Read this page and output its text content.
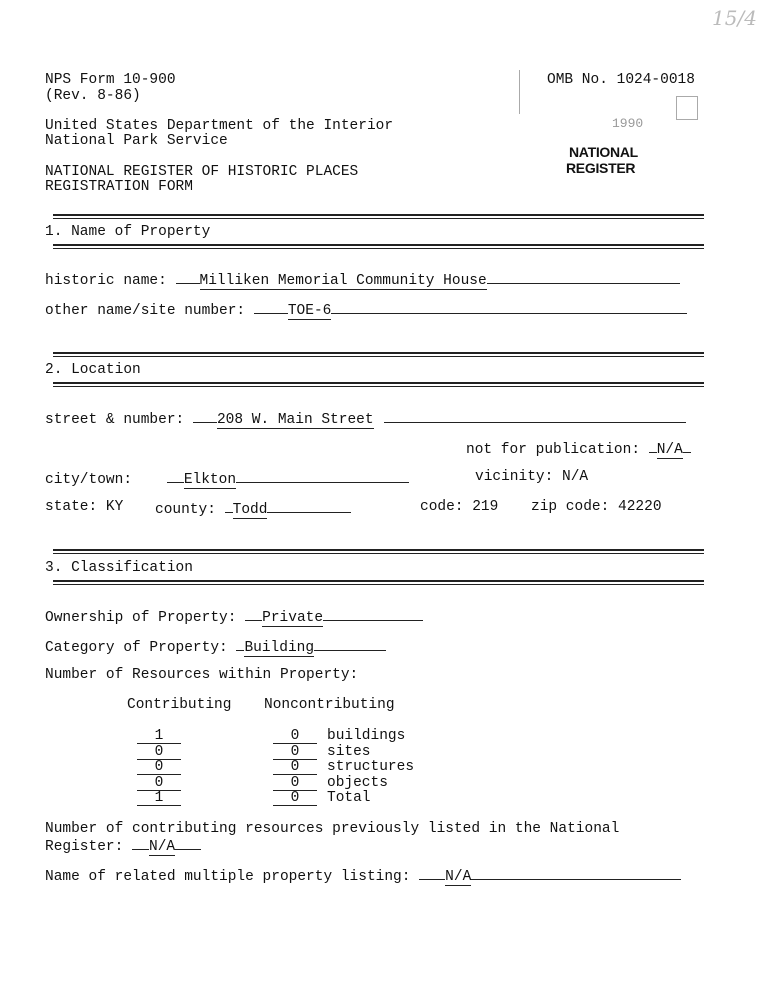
NPS Form 10-900
(Rev. 8-86)
OMB No. 1024-0018
United States Department of the Interior
National Park Service
NATIONAL REGISTER OF HISTORIC PLACES
REGISTRATION FORM
1990
NATIONAL
REGISTER
15/4
1. Name of Property
historic name: Milliken Memorial Community House
other name/site number:	TOE-6
2. Location
street & number: 208 W. Main Street
not for publication: N/A
city/town:	Elkton	vicinity: N/A
state: KY county: Todd	code: 219 zip code: 42220
3. Classification
Ownership of Property: Private
Category of Property: Building
Number of Resources within Property:
Contributing Noncontributing
1	0 buildings
0	0 sites
0	0 structures
0	0 objects
1	0 Total
Number of contributing resources previously listed in the National
Register: N/A
Name of related multiple property listing: N/A
